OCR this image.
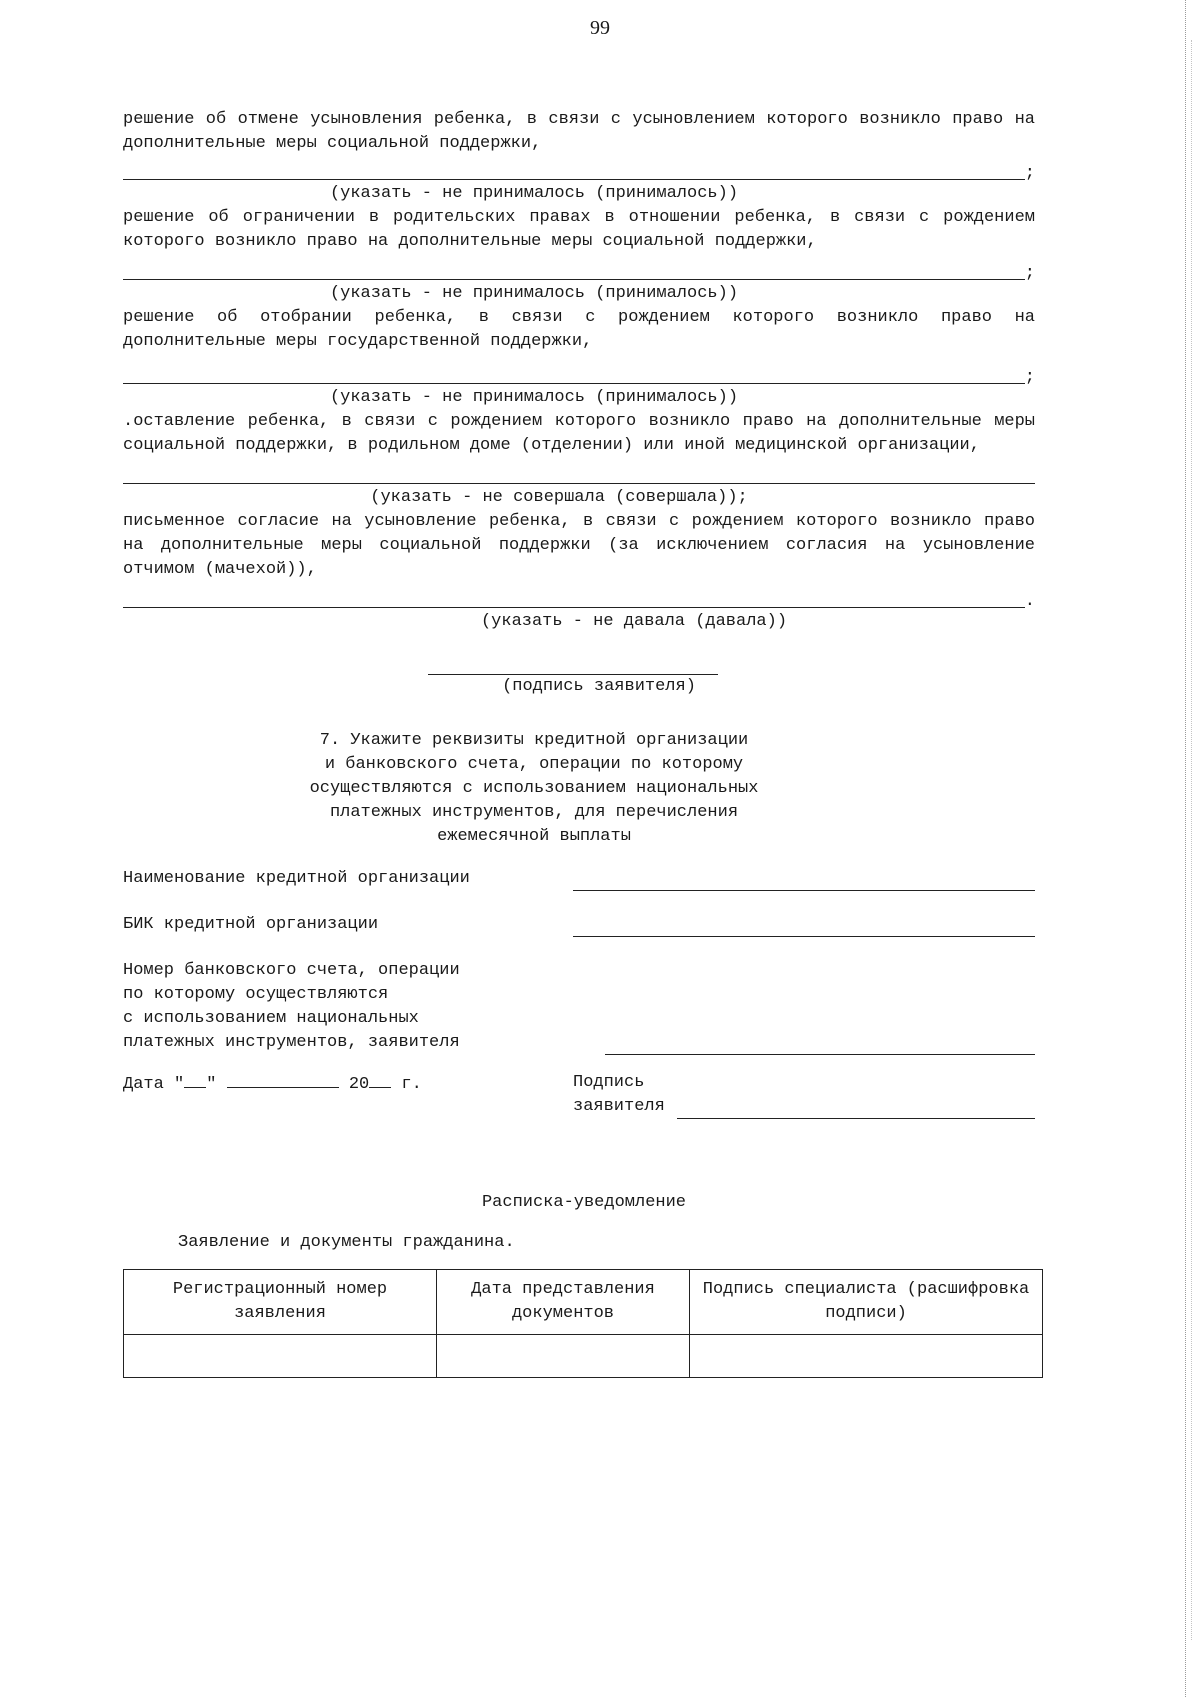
99

решение об отмене усыновления ребенка, в связи с усыновлением которого возникло право на дополнительные меры социальной поддержки,

;

(указать - не принималось (принималось))

решение об ограничении в родительских правах в отношении ребенка, в связи с рождением которого возникло право на дополнительные меры социальной поддержки,

;

(указать - не принималось (принималось))

решение об отобрании ребенка, в связи с рождением которого возникло право на дополнительные меры государственной поддержки,

;

(указать - не принималось (принималось))

.оставление ребенка, в связи с рождением которого возникло право на дополнительные меры социальной поддержки, в родильном доме (отделении) или иной медицинской организации,

(указать - не совершала (совершала));

письменное согласие на усыновление ребенка, в связи с рождением которого возникло право на дополнительные меры социальной поддержки (за исключением согласия на усыновление отчимом (мачехой)),

.

(указать - не давала (давала))

(подпись заявителя)
7. Укажите реквизиты кредитной организации
и банковского счета, операции по которому
осуществляются с использованием национальных
платежных инструментов, для перечисления
ежемесячной выплаты
Наименование кредитной организации
БИК кредитной организации
Номер банковского счета, операции
по которому осуществляются
с использованием национальных
платежных инструментов, заявителя
Дата " "	20 г.	Подпись
заявителя
Расписка-уведомление
Заявление и документы гражданина.
Регистрационный номер заявления	Дата представления документов	Подпись специалиста (расшифровка подписи)
